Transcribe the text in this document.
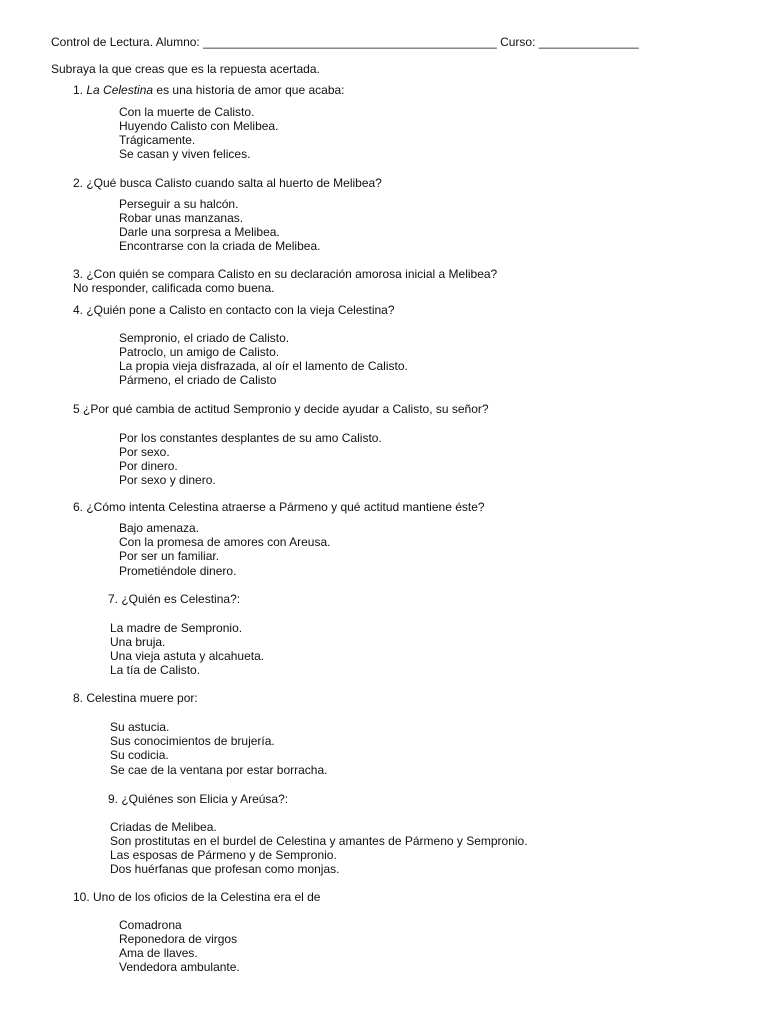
Control de Lectura. Alumno: ____________________________________________ Curso: _______________
Subraya la que creas que es la repuesta acertada.
1. La Celestina es una historia de amor que acaba:
Con la muerte de Calisto.
Huyendo Calisto con Melibea.
Trágicamente.
Se casan y viven felices.
2. ¿Qué busca Calisto cuando salta al huerto de Melibea?
Perseguir a su halcón.
Robar unas manzanas.
Darle una sorpresa a Melibea.
Encontrarse con la criada de Melibea.
3. ¿Con quién se compara Calisto en su declaración amorosa inicial a Melibea?
No responder, calificada como buena.
4. ¿Quién pone a Calisto en contacto con la vieja Celestina?
Sempronio, el criado de Calisto.
Patroclo, un amigo de Calisto.
La propia vieja disfrazada, al oír el lamento de Calisto.
Pármeno, el criado de Calisto
5 ¿Por qué cambia de actitud Sempronio y decide ayudar a Calisto, su señor?
Por los constantes desplantes de su amo Calisto.
Por sexo.
Por dinero.
Por sexo y dinero.
6. ¿Cómo intenta Celestina atraerse a Pármeno y qué actitud mantiene éste?
Bajo amenaza.
Con la promesa de amores con Areusa.
Por ser un familiar.
Prometiéndole dinero.
7. ¿Quién es Celestina?:
La madre de Sempronio.
Una bruja.
Una vieja astuta y alcahueta.
La tía de Calisto.
8. Celestina muere por:
Su astucia.
Sus conocimientos de brujería.
Su codicia.
Se cae de la ventana por estar borracha.
9. ¿Quiénes son Elicia y Areúsa?:
Criadas de Melibea.
Son prostitutas en el burdel de Celestina y amantes de Pármeno y Sempronio.
Las esposas de Pármeno y de Sempronio.
Dos huérfanas que profesan como monjas.
10. Uno de los oficios de la Celestina era el de
Comadrona
Reponedora de virgos
Ama de llaves.
Vendedora ambulante.
